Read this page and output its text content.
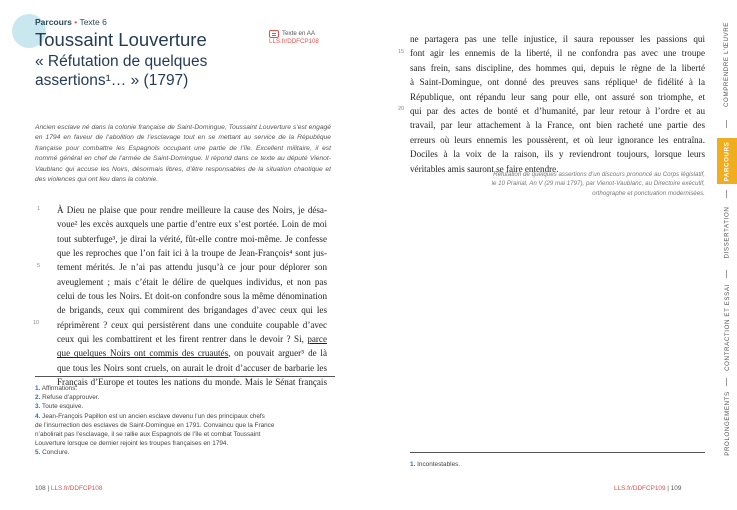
Parcours • Texte 6
Toussaint Louverture
« Réfutation de quelques
assertions¹… » (1797)
Texte en AA
LLS.fr/DDFCP108

Ancien esclave né dans la colonie française de Saint-Domingue, Toussaint Louverture s’est engagé en 1794 en faveur de l’abolition de l’esclavage tout en se mettant au service de la République française pour combattre les Espagnols occupant une partie de l’île. Excellent militaire, il est nommé général en chef de l’armée de Saint-Domingue. Il répond dans ce texte au député Vienot-Vaublanc qui accuse les Noirs, désormais libres, d’être responsables de la situation chaotique et des violences qui ont lieu dans la colonie.

1
5
10
À Dieu ne plaise que pour rendre meilleure la cause des Noirs, je désa-
voue² les excès auxquels une partie d’entre eux s’est portée. Loin de moi
tout subterfuge³, je dirai la vérité, fût-elle contre moi-même. Je confesse
que les reproches que l’on fait ici à la troupe de Jean-François⁴ sont jus-
tement mérités. Je n’ai pas attendu jusqu’à ce jour pour déplorer son
aveuglement ; mais c’était le délire de quelques individus, et non pas
celui de tous les Noirs. Et doit-on confondre sous la même dénomination
de brigands, ceux qui commirent des brigandages d’avec ceux qui les
réprimèrent ? ceux qui persistèrent dans une conduite coupable d’avec
ceux qui les combattirent et les firent rentrer dans le devoir ? Si, parce
que quelques Noirs ont commis des cruautés, on pouvait arguer⁵ de là
que tous les Noirs sont cruels, on aurait le droit d’accuser de barbarie les
Français d’Europe et toutes les nations du monde. Mais le Sénat français
1. Affirmations.
2. Refuse d’approuver.
3. Toute esquive.
4. Jean-François Papillon est un ancien esclave devenu l’un des principaux chefs
de l’insurrection des esclaves de Saint-Domingue en 1791. Convaincu que la France
n’abolirait pas l’esclavage, il se rallie aux Espagnols de l’île et combat Toussaint
Louverture lorsque ce dernier rejoint les troupes françaises en 1794.
5. Conclure.
108 | LLS.fr/DDFCP108
15
20
ne partagera pas une telle injustice, il saura repousser les passions qui
font agir les ennemis de la liberté, il ne confondra pas avec une troupe
sans frein, sans discipline, des hommes qui, depuis le règne de la liberté
à Saint-Domingue, ont donné des preuves sans réplique¹ de fidélité à la
République, ont répandu leur sang pour elle, ont assuré son triomphe, et
qui par des actes de bonté et d’humanité, par leur retour à l’ordre et au
travail, par leur attachement à la France, ont bien racheté une partie des
erreurs où leurs ennemis les poussèrent, et où leur ignorance les entraîna.
Dociles à la voix de la raison, ils y reviendront toujours, lorsque leurs
véritables amis sauront se faire entendre.
Réfutation de quelques assertions d’un discours prononcé au Corps législatif,
le 10 Prairial, An V (29 mai 1797), par Vienot-Vaublanc, au Directoire exécutif,
orthographe et ponctuation modernisées.
1. Incontestables.
LLS.fr/DDFCP109 | 109
COMPRENDRE L’ŒUVRE
PARCOURS
DISSERTATION
CONTRACTION ET ESSAI
PROLONGEMENTS
